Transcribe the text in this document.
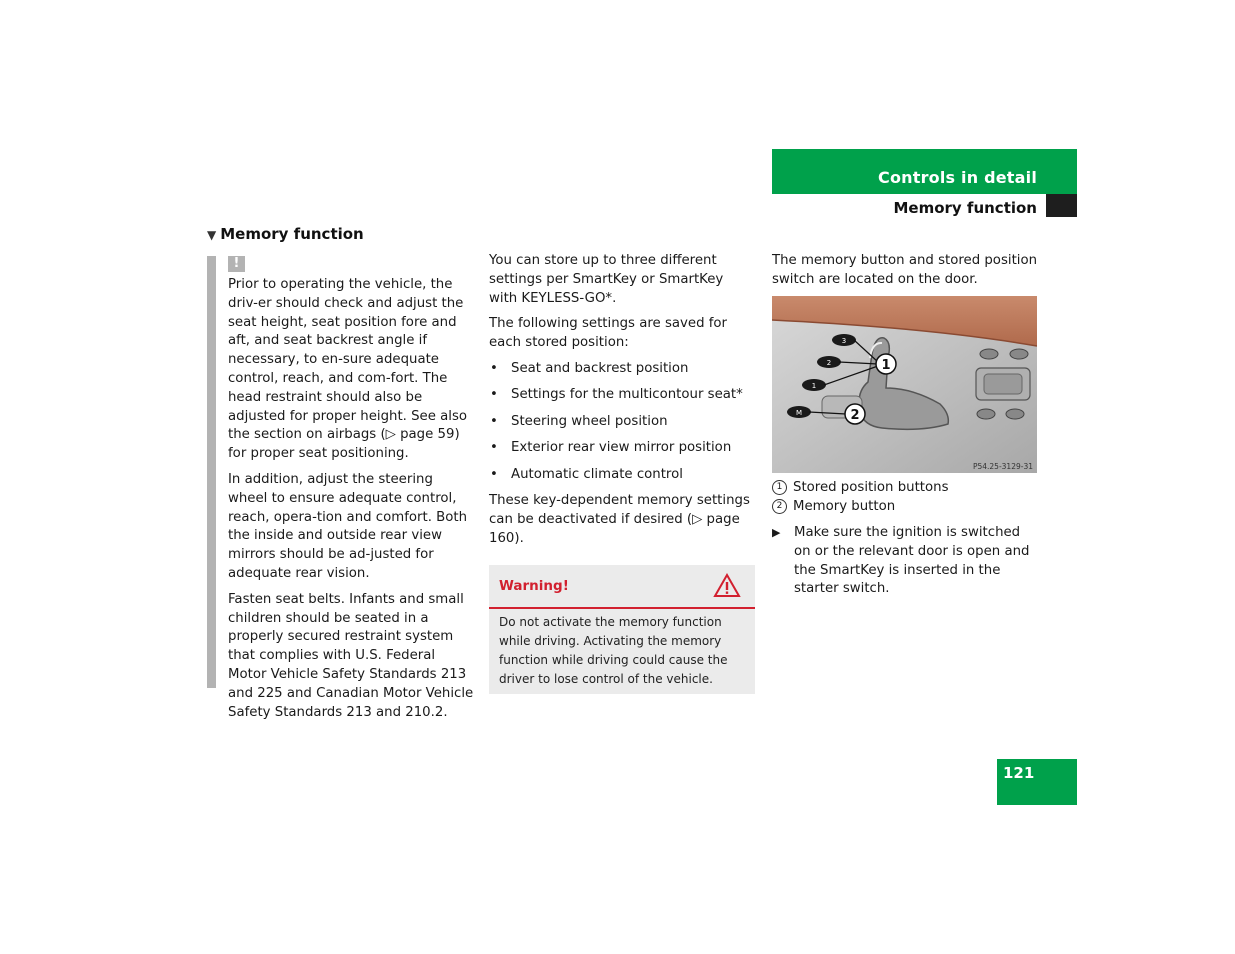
Controls in detail
Memory function
▼ Memory function
!

Prior to operating the vehicle, the driv-er should check and adjust the seat height, seat position fore and aft, and seat backrest angle if necessary, to en-sure adequate control, reach, and com-fort. The head restraint should also be adjusted for proper height. See also the section on airbags (▷ page 59) for proper seat positioning.

In addition, adjust the steering wheel to ensure adequate control, reach, opera-tion and comfort. Both the inside and outside rear view mirrors should be ad-justed for adequate rear vision.

Fasten seat belts. Infants and small children should be seated in a properly secured restraint system that complies with U.S. Federal Motor Vehicle Safety Standards 213 and 225 and Canadian Motor Vehicle Safety Standards 213 and 210.2.

You can store up to three different settings per SmartKey or SmartKey with KEYLESS-GO*.

The following settings are saved for each stored position:

• Seat and backrest position
• Settings for the multicontour seat*
• Steering wheel position
• Exterior rear view mirror position
• Automatic climate control

These key-dependent memory settings can be deactivated if desired (▷ page 160).

Warning!
Do not activate the memory function while driving. Activating the memory function while driving could cause the driver to lose control of the vehicle.

The memory button and stored position switch are located on the door.

3
2
1
M
1
2
P54.25-3129-31
1 Stored position buttons
2 Memory button
▶ Make sure the ignition is switched on or the relevant door is open and the SmartKey is inserted in the starter switch.
121
